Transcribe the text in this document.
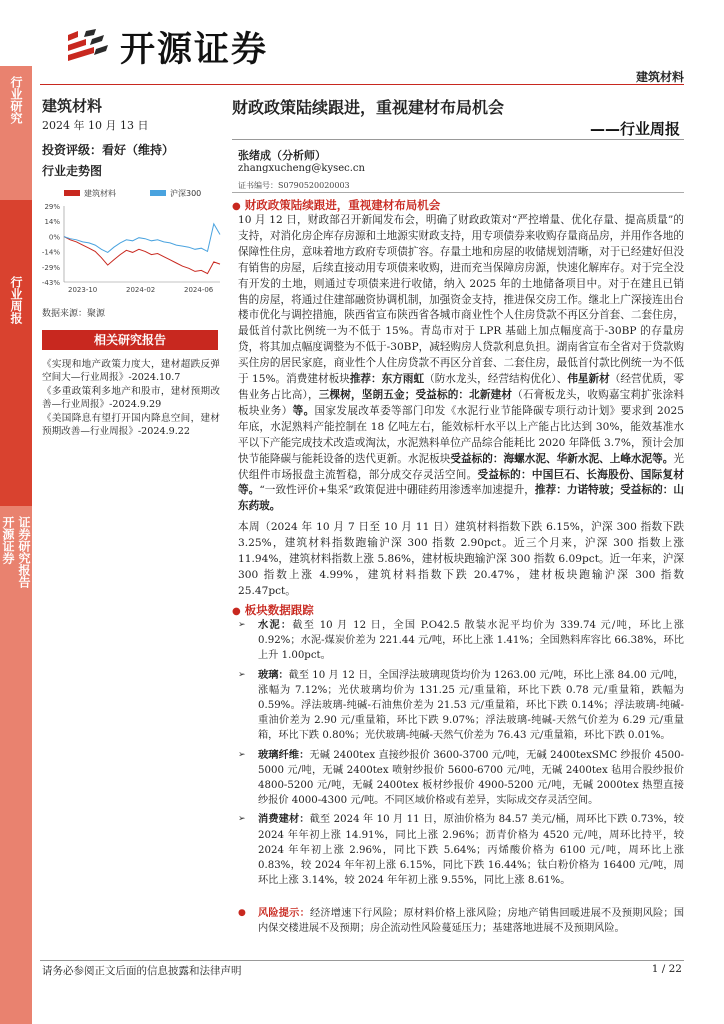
开源证券
建筑材料
行业研究
行业周报
开源证券 证券研究报告
建筑材料
2024 年 10 月 13 日
投资评级：看好（维持）
行业走势图
建筑材料	沪深300
29%
14%
0%
-14%
-29%
-43%
2023-10	2024-02	2024-06
数据来源：聚源
相关研究报告

《实现和地产政策力度大，建材超跌反弹空间大—行业周报》-2024.10.7

《多重政策利多地产和股市，建材预期改善—行业周报》-2024.9.29

《美国降息有望打开国内降息空间，建材预期改善—行业周报》-2024.9.22

财政政策陆续跟进，重视建材布局机会
——行业周报
张绪成（分析师）
zhangxucheng@kysec.cn
证书编号：S0790520020003
● 财政政策陆续跟进，重视建材布局机会
10 月 12 日，财政部召开新闻发布会，明确了财政政策对“严控增量、优化存量、提高质量”的支持，对消化房企库存房源和土地源实财政支持，用专项债券来收购存量商品房，并用作各地的保障性住房，意味着地方政府专项债扩容。存量土地和房屋的收储规划清晰，对于已经建好但没有销售的房屋，后续直接动用专项债来收购，进而充当保障房房源，快速化解库存。对于完全没有开发的土地，则通过专项债来进行收储，纳入 2025 年的土地储备项目中。对于在建且已销售的房屋，将通过住建部融资协调机制，加强资金支持，推进保交房工作。继北上广深接连出台楼市优化与调控措施，陕西省宣布陕西省各城市商业性个人住房贷款不再区分首套、二套住房，最低首付款比例统一为不低于 15%。青岛市对于 LPR 基础上加点幅度高于-30BP 的存量房贷，将其加点幅度调整为不低于-30BP，减轻购房人贷款利息负担。湖南省宣布全省对于贷款购买住房的居民家庭，商业性个人住房贷款不再区分首套、二套住房，最低首付款比例统一为不低于 15%。消费建材板块推荐：东方雨虹（防水龙头，经营结构优化）、伟星新材（经营优质，零售业务占比高），三棵树，坚朗五金；受益标的：北新建材（石膏板龙头，收购嘉宝莉扩张涂料板块业务）等。国家发展改革委等部门印发《水泥行业节能降碳专项行动计划》要求到 2025 年底，水泥熟料产能控制在 18 亿吨左右，能效标杆水平以上产能占比达到 30%，能效基准水平以下产能完成技术改造或淘汰，水泥熟料单位产品综合能耗比 2020 年降低 3.7%，预计会加快节能降碳与能耗设备的迭代更新。水泥板块受益标的：海螺水泥、华新水泥、上峰水泥等。光伏组件市场报盘主流暂稳，部分成交存灵活空间。受益标的：中国巨石、长海股份、国际复材等。“一致性评价+集采”政策促进中硼硅药用渗透率加速提升，推荐：力诺特玻；受益标的：山东药玻。
本周（2024 年 10 月 7 日至 10 月 11 日）建筑材料指数下跌 6.15%，沪深 300 指数下跌 3.25%，建筑材料指数跑输沪深 300 指数 2.90pct。近三个月来，沪深 300 指数上涨 11.94%，建筑材料指数上涨 5.86%，建材板块跑输沪深 300 指数 6.09pct。近一年来，沪深 300 指数上涨 4.99%，建筑材料指数下跌 20.47%，建材板块跑输沪深 300 指数 25.47pct。
● 板块数据跟踪
➢	水泥：截至 10 月 12 日，全国 P.O42.5 散装水泥平均价为 339.74 元/吨，环比上涨 0.92%；水泥-煤炭价差为 221.44 元/吨，环比上涨 1.41%；全国熟料库容比 66.38%，环比上升 1.00pct。
➢	玻璃：截至 10 月 12 日，全国浮法玻璃现货均价为 1263.00 元/吨，环比上涨 84.00 元/吨，涨幅为 7.12%；光伏玻璃均价为 131.25 元/重量箱，环比下跌 0.78 元/重量箱，跌幅为 0.59%。浮法玻璃-纯碱-石油焦价差为 21.53 元/重量箱，环比下跌 0.14%；浮法玻璃-纯碱-重油价差为 2.90 元/重量箱，环比下跌 9.07%；浮法玻璃-纯碱-天然气价差为 6.29 元/重量箱，环比下跌 0.80%；光伏玻璃-纯碱-天然气价差为 76.43 元/重量箱，环比下跌 0.01%。
➢	玻璃纤维：无碱 2400tex 直接纱报价 3600-3700 元/吨，无碱 2400texSMC 纱报价 4500-5000 元/吨，无碱 2400tex 喷射纱报价 5600-6700 元/吨，无碱 2400tex 毡用合股纱报价 4800-5200 元/吨，无碱 2400tex 板材纱报价 4900-5200 元/吨，无碱 2000tex 热塑直接纱报价 4000-4300 元/吨。不同区域价格或有差异，实际成交存灵活空间。
➢	消费建材：截至 2024 年 10 月 11 日，原油价格为 84.57 美元/桶，周环比下跌 0.73%，较 2024 年年初上涨 14.91%，同比上涨 2.96%；沥青价格为 4520 元/吨，周环比持平，较 2024 年年初上涨 2.96%，同比下跌 5.64%；丙烯酸价格为 6100 元/吨，周环比上涨 0.83%，较 2024 年年初上涨 6.15%，同比下跌 16.44%；钛白粉价格为 16400 元/吨，周环比上涨 3.14%，较 2024 年年初上涨 9.55%，同比上涨 8.61%。
●	风险提示：经济增速下行风险；原材料价格上涨风险；房地产销售回暖进展不及预期风险；国内保交楼进展不及预期；房企流动性风险蔓延压力；基建落地进展不及预期风险。
请务必参阅正文后面的信息披露和法律声明	1 / 22
